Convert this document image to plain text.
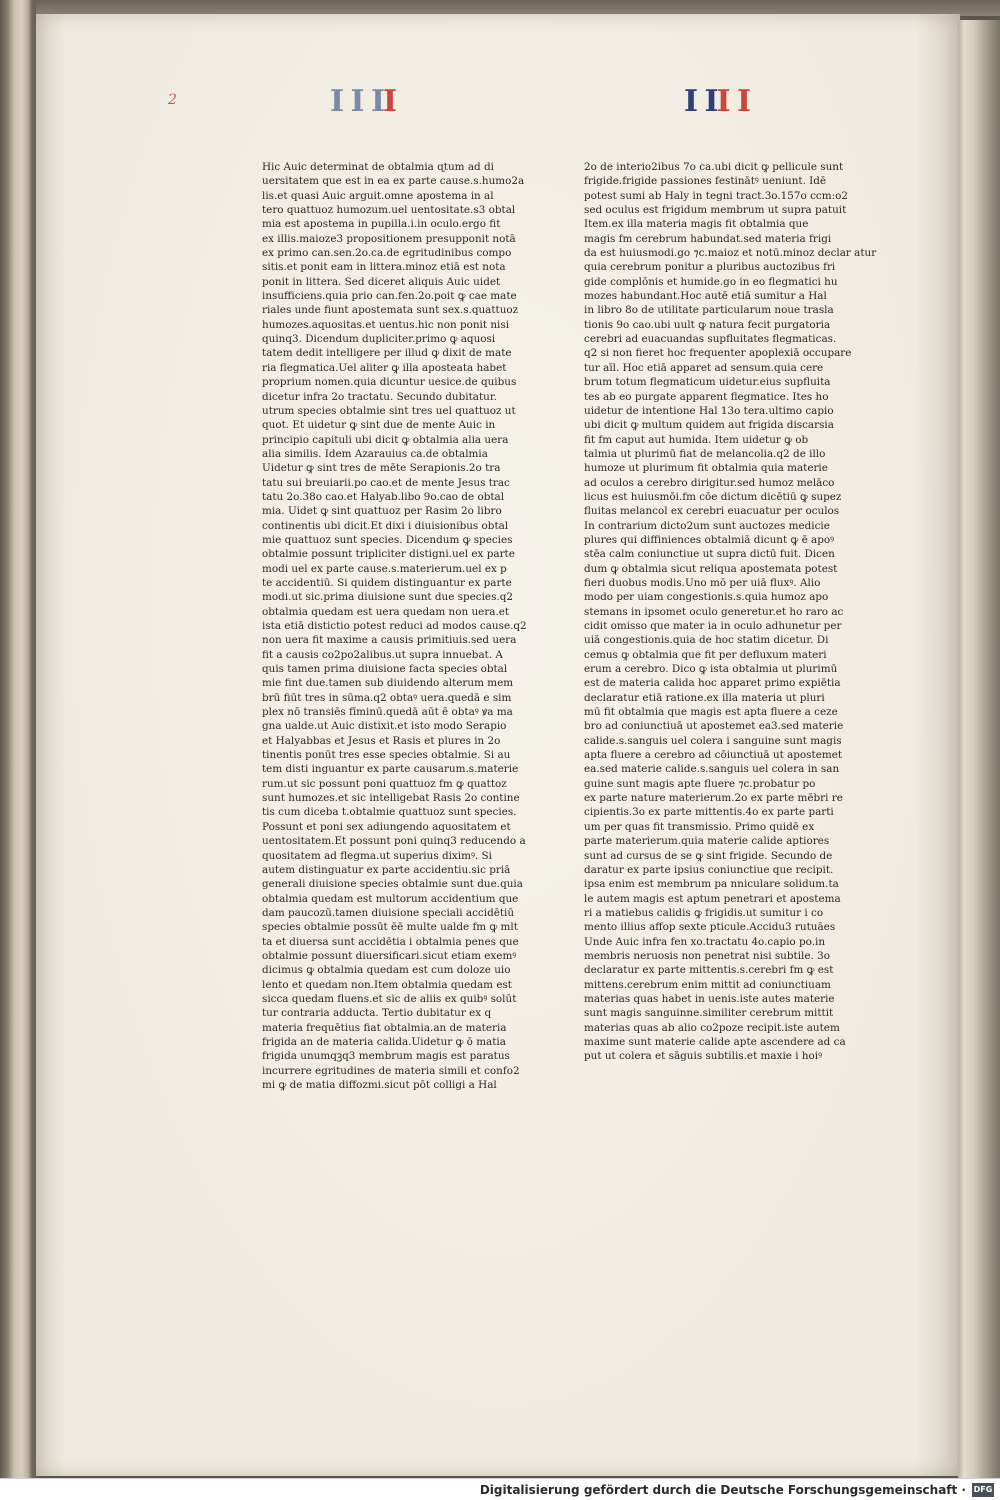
2	I I I I	I I I I
Hic Auic determinat de obtalmia ɋtum ad di
uersitatem que est in ea ex parte cause.s.humo2a
lis.et quasi Auic arguit.omne apostema in al
tero quattuoz humozum.uel uentositate.s3 obtal
mia est apostema in pupilla.i.in oculo.ergo fit
ex illis.maioze3 propositionem presupponit notā
ex primo can.sen.2o.ca.de egritudinibus compo
sitis.et ponit eam in littera.minoz etiā est nota
ponit in littera. Sed diceret aliquis Auic uidet
insufficiens.quia prio can.fen.2o.poit ꝙ cae mate
riales unde fiunt apostemata sunt sex.s.quattuoz
humozes.aquositas.et uentus.hic non ponit nisi
quinq3. Dicendum dupliciter.primo ꝙ aquosi
tatem dedit intelligere per illud ꝙ dixit de mate
ria flegmatica.Uel aliter ꝙ illa aposteata habet
proprium nomen.quia dicuntur uesice.de quibus
dicetur infra 2o tractatu. Secundo dubitatur.
utrum species obtalmie sint tres uel quattuoz ut
quot. Et uidetur ꝙ sint due de mente Auic in
principio capituli ubi dicit ꝙ obtalmia alia uera
alia similis. Idem Azarauius ca.de obtalmia
Uidetur ꝙ sint tres de mēte Serapionis.2o tra
tatu sui breuiarii.po cao.et de mente Jesus trac
tatu 2o.38o cao.et Halyab.libo 9o.cao de obtal
mia. Uidet ꝙ sint quattuoz per Rasim 2o libro
continentis ubi dicit.Et dixi i diuisionibus obtal
mie quattuoz sunt species. Dicendum ꝙ species
obtalmie possunt tripliciter distigni.uel ex parte
modi uel ex parte cause.s.materierum.uel ex p
te accidentiū. Si quidem distinguantur ex parte
modi.ut sic.prima diuisione sunt due species.q2
obtalmia quedam est uera quedam non uera.et
ista etiā distictio potest reduci ad modos cause.q2
non uera fit maxime a causis primitiuis.sed uera
fit a causis co2po2alibus.ut supra innuebat. A
quis tamen prima diuisione facta species obtal
mie fint due.tamen sub diuidendo alterum mem
brū fiūt tres in sūma.q2 obtaꝰ uera.quedā e sim
plex nō transiēs fīminū.quedā aūt ē obtaꝰ ꝟa ma
gna ualde.ut Auic distixit.et isto modo Serapio
et Halyabbas et Jesus et Rasis et plures in 2o
tinentis ponūt tres esse species obtalmie. Si au
tem disti inguantur ex parte causarum.s.materie
rum.ut sic possunt poni quattuoz fm ꝙ quattoz
sunt humozes.et sic intelligebat Rasis 2o contine
tis cum diceba t.obtalmie quattuoz sunt species.
Possunt et poni sex adiungendo aquositatem et
uentositatem.Et possunt poni quinq3 reducendo a
quositatem ad flegma.ut superius diximꝰ. Si
autem distinguatur ex parte accidentiu.sic priā
generali diuisione species obtalmie sunt due.quia
obtalmia quedam est multorum accidentium que
dam paucozū.tamen diuisione speciali accidētiū
species obtalmie possūt ēē multe ualde fm ꝙ mlt
ta et diuersa sunt accidētia i obtalmia penes que
obtalmie possunt diuersificari.sicut etiam exemꝰ
dicimus ꝙ obtalmia quedam est cum doloze uio
lento et quedam non.Item obtalmia quedam est
sicca quedam fluens.et sic de aliis ex quibꝰ solūt
tur contraria adducta. Tertio dubitatur ex q
materia frequētius fiat obtalmia.an de materia
frigida an de materia calida.Uidetur ꝙ ō matia
frigida unumqꝫq3 membrum magis est paratus
incurrere egritudines de materia simili et confo2
mi ꝙ de matia diffozmi.sicut pōt colligi a Hal
2o de interio2ibus 7o ca.ubi dicit ꝙ pellicule sunt
frigide.frigide passiones festinātꝰ ueniunt. Idē
potest sumi ab Haly in tegni tract.3o.157o ccm:o2
sed oculus est frigidum membrum ut supra patuit
Item.ex illa materia magis fit obtalmia que
magis fm cerebrum habundat.sed materia frigi
da est huiusmodi.go ⁊c.maioz et notū.minoz declar atur
quia cerebrum ponitur a pluribus auctozibus fri
gide complōnis et humide.go in eo flegmatici hu
mozes habundant.Hoc autē etiā sumitur a Hal
in libro 8o de utilitate particularum noue trasla
tionis 9o cao.ubi uult ꝙ natura fecit purgatoria
cerebri ad euacuandas supfluitates flegmaticas.
q2 si non fieret hoc frequenter apoplexiā occupare
tur aīl. Hoc etiā apparet ad sensum.quia cere
brum totum flegmaticum uidetur.eius supfluita
tes ab eo purgate apparent flegmatice. Ites ho
uidetur de intentione Hal 13o tera.ultimo capio
ubi dicit ꝙ multum quidem aut frigida discarsia
fit fm caput aut humida. Item uidetur ꝙ ob
talmia ut plurimū fiat de melancolia.q2 de illo
humoze ut plurimum fit obtalmia quia materie
ad oculos a cerebro dirigitur.sed humoz melāco
licus est huiusmōi.fm cōe dictum dicētiū ꝙ supez
fluitas melancol ex cerebri euacuatur per oculos
In contrarium dicto2um sunt auctozes medicie
plures qui diffiniences obtalmiā dicunt ꝙ ē apoꝰ
stēa calm coniunctiue ut supra dictū fuit. Dicen
dum ꝙ obtalmia sicut reliqua apostemata potest
fieri duobus modis.Uno mō per uiā fluxꝰ. Alio
modo per uiam congestionis.s.quia humoz apo
stemans in ipsomet oculo generetur.et ho raro ac
cidit omisso que mater ia in oculo adhunetur per
uiā congestionis.quia de hoc statim dicetur. Di
cemus ꝙ obtalmia que fit per defluxum materi
erum a cerebro. Dico ꝙ ista obtalmia ut plurimū
est de materia calida hoc apparet primo expiētia
declaratur etiā ratione.ex illa materia ut pluri
mū fit obtalmia que magis est apta fluere a ceze
bro ad coniunctiuā ut apostemet ea3.sed materie
calide.s.sanguis uel colera i sanguine sunt magis
apta fluere a cerebro ad cōiunctiuā ut apostemet
ea.sed materie calide.s.sanguis uel colera in san
guine sunt magis apte fluere ⁊c.probatur po
ex parte nature materierum.2o ex parte mēbri re
cipientis.3o ex parte mittentis.4o ex parte parti
um per quas fit transmissio. Primo quidē ex
parte materierum.quia materie calide aptiores
sunt ad cursus de se ꝙ sint frigide. Secundo de
daratur ex parte ipsius coniunctiue que recipit.
ipsa enim est membrum pa nniculare solidum.ta
le autem magis est aptum penetrari et apostema
ri a matiebus calidis ꝙ frigidis.ut sumitur i co
mento illius affop sexte pticule.Accidu3 rutuāes
Unde Auic infra fen xo.tractatu 4o.capio po.in
membris neruosis non penetrat nisi subtile. 3o
declaratur ex parte mittentis.s.cerebri fm ꝙ est
mittens.cerebrum enim mittit ad coniunctiuam
materias quas habet in uenis.iste autes materie
sunt magis sanguinne.similiter cerebrum mittit
materias quas ab alio co2poze recipit.iste autem
maxime sunt materie calide apte ascendere ad ca
put ut colera et sāguis subtilis.et maxie i hoiꝰ
Digitalisierung gefördert durch die Deutsche Forschungsgemeinschaft · DFG
